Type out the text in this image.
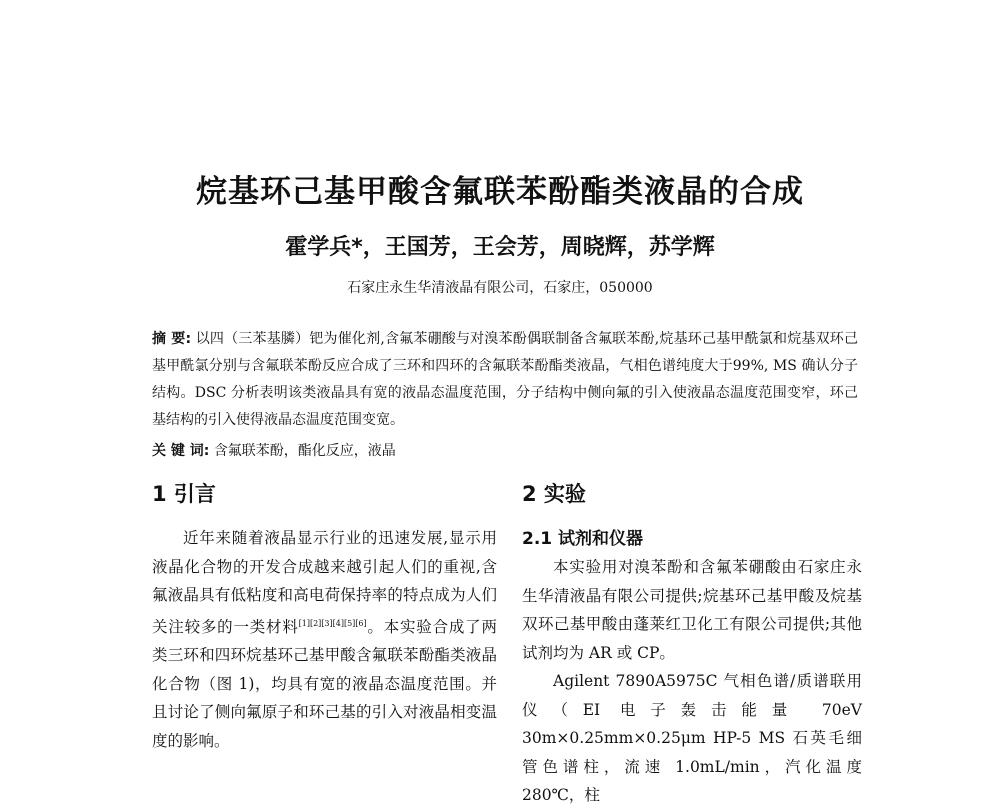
烷基环己基甲酸含氟联苯酚酯类液晶的合成
霍学兵*，王国芳，王会芳，周晓辉，苏学辉
石家庄永生华清液晶有限公司，石家庄，050000
摘 要: 以四（三苯基膦）钯为催化剂,含氟苯硼酸与对溴苯酚偶联制备含氟联苯酚,烷基环己基甲酰氯和烷基双环己基甲酰氯分别与含氟联苯酚反应合成了三环和四环的含氟联苯酚酯类液晶，气相色谱纯度大于99%, MS 确认分子结构。DSC 分析表明该类液晶具有宽的液晶态温度范围，分子结构中侧向氟的引入使液晶态温度范围变窄，环己基结构的引入使得液晶态温度范围变宽。
关 键 词: 含氟联苯酚，酯化反应，液晶
1 引言

近年来随着液晶显示行业的迅速发展,显示用液晶化合物的开发合成越来越引起人们的重视,含氟液晶具有低粘度和高电荷保持率的特点成为人们关注较多的一类材料[1][2][3][4][5][6]。本实验合成了两类三环和四环烷基环己基甲酸含氟联苯酚酯类液晶化合物（图 1)，均具有宽的液晶态温度范围。并且讨论了侧向氟原子和环己基的引入对液晶相变温度的影响。

2 实验
2.1 试剂和仪器

本实验用对溴苯酚和含氟苯硼酸由石家庄永生华清液晶有限公司提供;烷基环己基甲酸及烷基双环己基甲酸由蓬莱红卫化工有限公司提供;其他试剂均为 AR 或 CP。

Agilent 7890A5975C 气相色谱/质谱联用仪（EI 电子轰击能量 70eV 30m×0.25mm×0.25μm HP-5 MS 石英毛细管色谱柱，流速 1.0mL/min，汽化温度 280℃，柱
